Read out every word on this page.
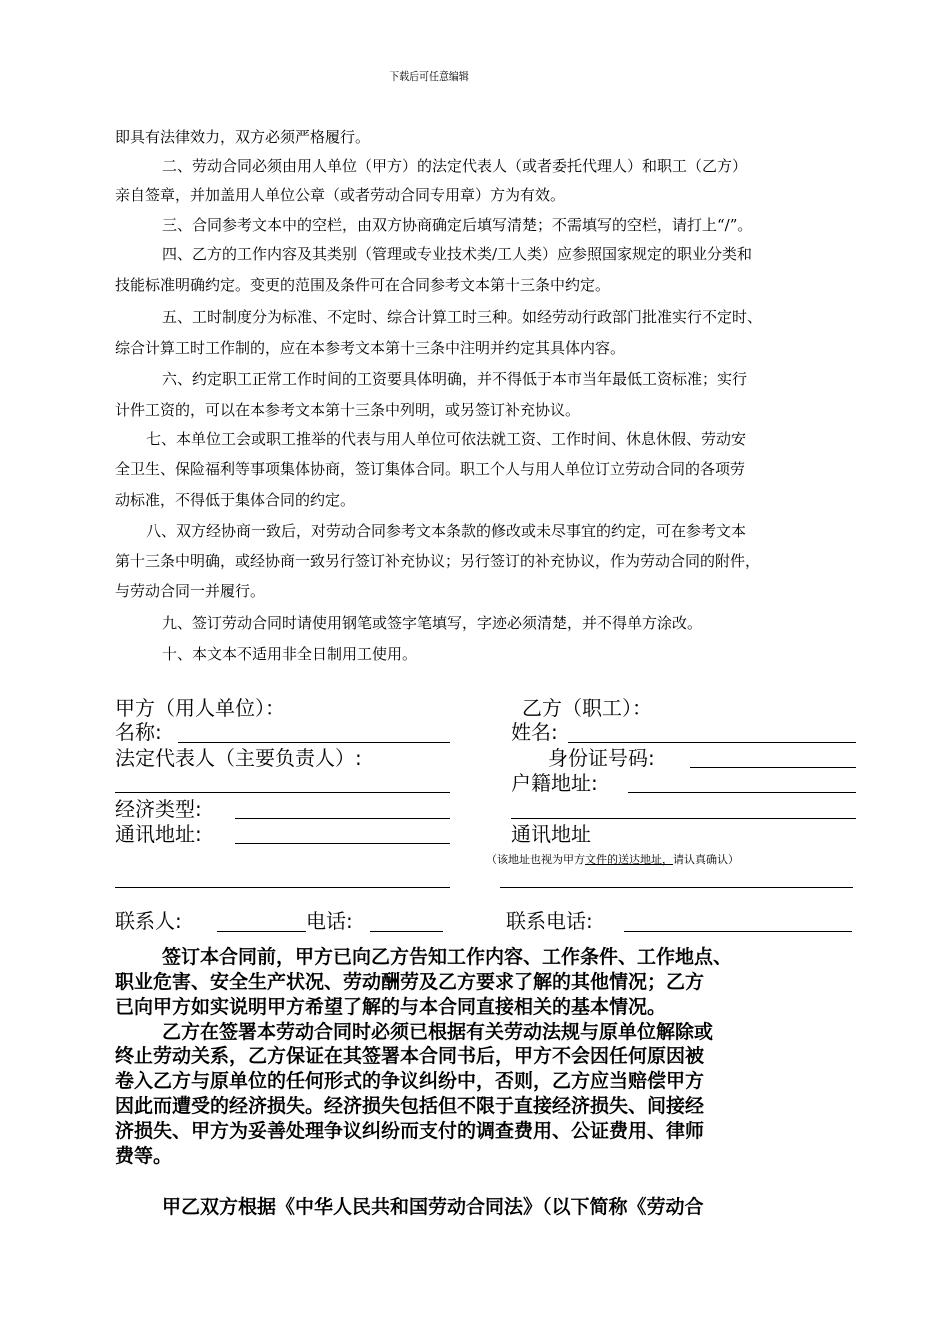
下载后可任意编辑
即具有法律效力，双方必须严格履行。
二、劳动合同必须由用人单位（甲方）的法定代表人（或者委托代理人）和职工（乙方）
亲自签章，并加盖用人单位公章（或者劳动合同专用章）方为有效。
三、合同参考文本中的空栏，由双方协商确定后填写清楚；不需填写的空栏，请打上“/”。
四、乙方的工作内容及其类别（管理或专业技术类/工人类）应参照国家规定的职业分类和
技能标准明确约定。变更的范围及条件可在合同参考文本第十三条中约定。
五、工时制度分为标准、不定时、综合计算工时三种。如经劳动行政部门批准实行不定时、
综合计算工时工作制的，应在本参考文本第十三条中注明并约定其具体内容。
六、约定职工正常工作时间的工资要具体明确，并不得低于本市当年最低工资标准；实行
计件工资的，可以在本参考文本第十三条中列明，或另签订补充协议。
七、本单位工会或职工推举的代表与用人单位可依法就工资、工作时间、休息休假、劳动安
全卫生、保险福利等事项集体协商，签订集体合同。职工个人与用人单位订立劳动合同的各项劳
动标准，不得低于集体合同的约定。
八、双方经协商一致后，对劳动合同参考文本条款的修改或未尽事宜的约定，可在参考文本
第十三条中明确，或经协商一致另行签订补充协议；另行签订的补充协议，作为劳动合同的附件，
与劳动合同一并履行。
九、签订劳动合同时请使用钢笔或签字笔填写，字迹必须清楚，并不得单方涂改。
十、本文本不适用非全日制用工使用。
甲方（用人单位）：
名称:
法定代表人（主要负责人）:
经济类型:
通讯地址:
乙方（职工）：
姓名:
身份证号码:
户籍地址:
通讯地址
（该地址也视为甲方文件的送达地址，请认真确认）
联系人:	电话:	联系电话:
签订本合同前，甲方已向乙方告知工作内容、工作条件、工作地点、
职业危害、安全生产状况、劳动酬劳及乙方要求了解的其他情况；乙方
已向甲方如实说明甲方希望了解的与本合同直接相关的基本情况。
乙方在签署本劳动合同时必须已根据有关劳动法规与原单位解除或
终止劳动关系，乙方保证在其签署本合同书后，甲方不会因任何原因被
卷入乙方与原单位的任何形式的争议纠纷中，否则，乙方应当赔偿甲方
因此而遭受的经济损失。经济损失包括但不限于直接经济损失、间接经
济损失、甲方为妥善处理争议纠纷而支付的调查费用、公证费用、律师
费等。
甲乙双方根据《中华人民共和国劳动合同法》（以下简称《劳动合
